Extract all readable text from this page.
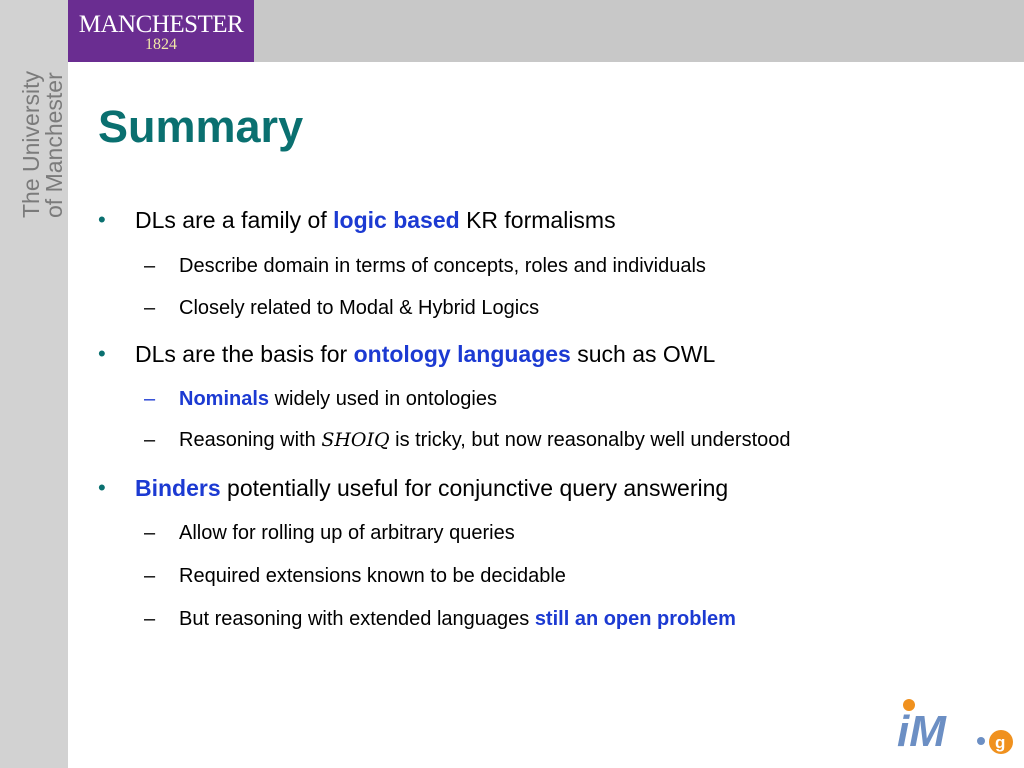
MANCHESTER
1824
The University
of Manchester Summary
• DLs are a family of logic based KR formalisms
– Describe domain in terms of concepts, roles and individuals
– Closely related to Modal & Hybrid Logics
• DLs are the basis for ontology languages such as OWL
– Nominals widely used in ontologies
– Reasoning with SHOIQ is tricky, but now reasonalby well understood
• Binders potentially useful for conjunctive query answering
– Allow for rolling up of arbitrary queries
– Required extensions known to be decidable
– But reasoning with extended languages still an open problem
iM	g
